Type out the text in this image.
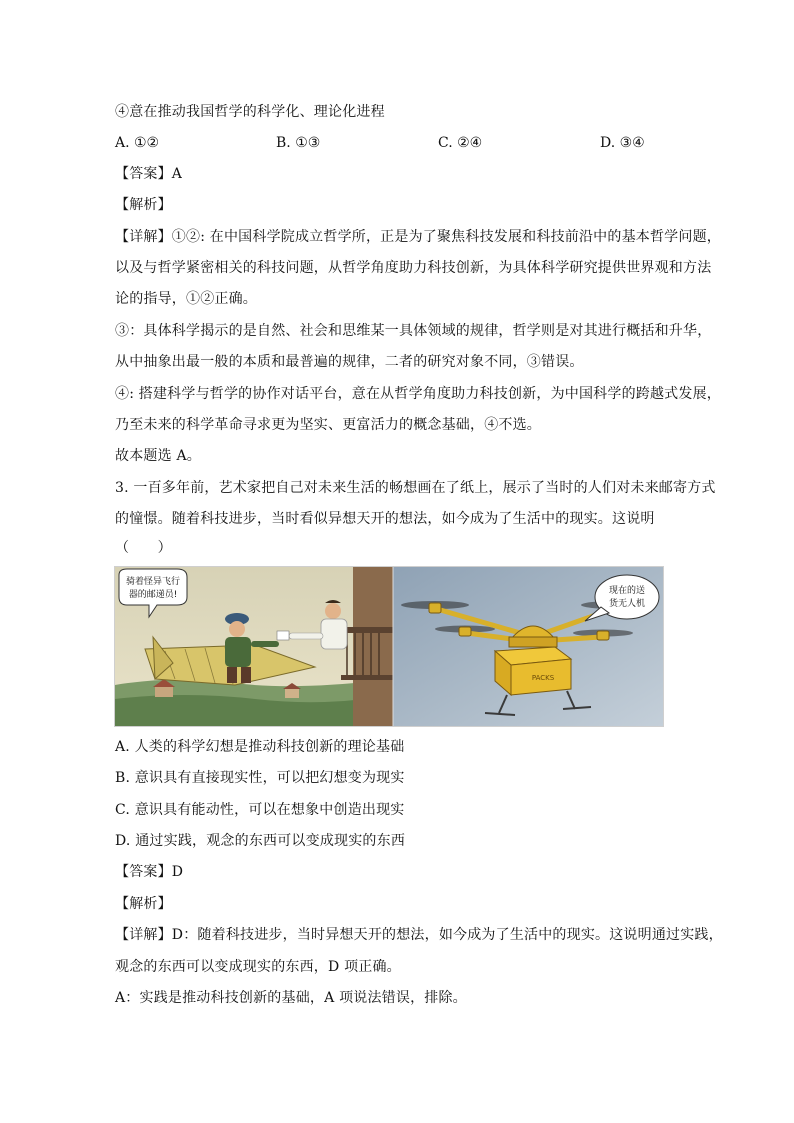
④意在推动我国哲学的科学化、理论化进程
A. ①②	B. ①③	C. ②④	D. ③④
【答案】A
【解析】
【详解】①②: 在中国科学院成立哲学所，正是为了聚焦科技发展和科技前沿中的基本哲学问题，
以及与哲学紧密相关的科技问题，从哲学角度助力科技创新，为具体科学研究提供世界观和方法
论的指导，①②正确。
③：具体科学揭示的是自然、社会和思维某一具体领域的规律，哲学则是对其进行概括和升华，
从中抽象出最一般的本质和最普遍的规律，二者的研究对象不同，③错误。
④: 搭建科学与哲学的协作对话平台，意在从哲学角度助力科技创新，为中国科学的跨越式发展，
乃至未来的科学革命寻求更为坚实、更富活力的概念基础，④不选。
故本题选 A。
3. 一百多年前，艺术家把自己对未来生活的畅想画在了纸上，展示了当时的人们对未来邮寄方式
的憧憬。随着科技进步，当时看似异想天开的想法，如今成为了生活中的现实。这说明
（　　）
骑着怪异飞行
器的邮递员!
PACKS
现在的送
货无人机
A. 人类的科学幻想是推动科技创新的理论基础
B. 意识具有直接现实性，可以把幻想变为现实
C. 意识具有能动性，可以在想象中创造出现实
D. 通过实践，观念的东西可以变成现实的东西
【答案】D
【解析】
【详解】D：随着科技进步，当时异想天开的想法，如今成为了生活中的现实。这说明通过实践，
观念的东西可以变成现实的东西，D 项正确。
A：实践是推动科技创新的基础，A 项说法错误，排除。
